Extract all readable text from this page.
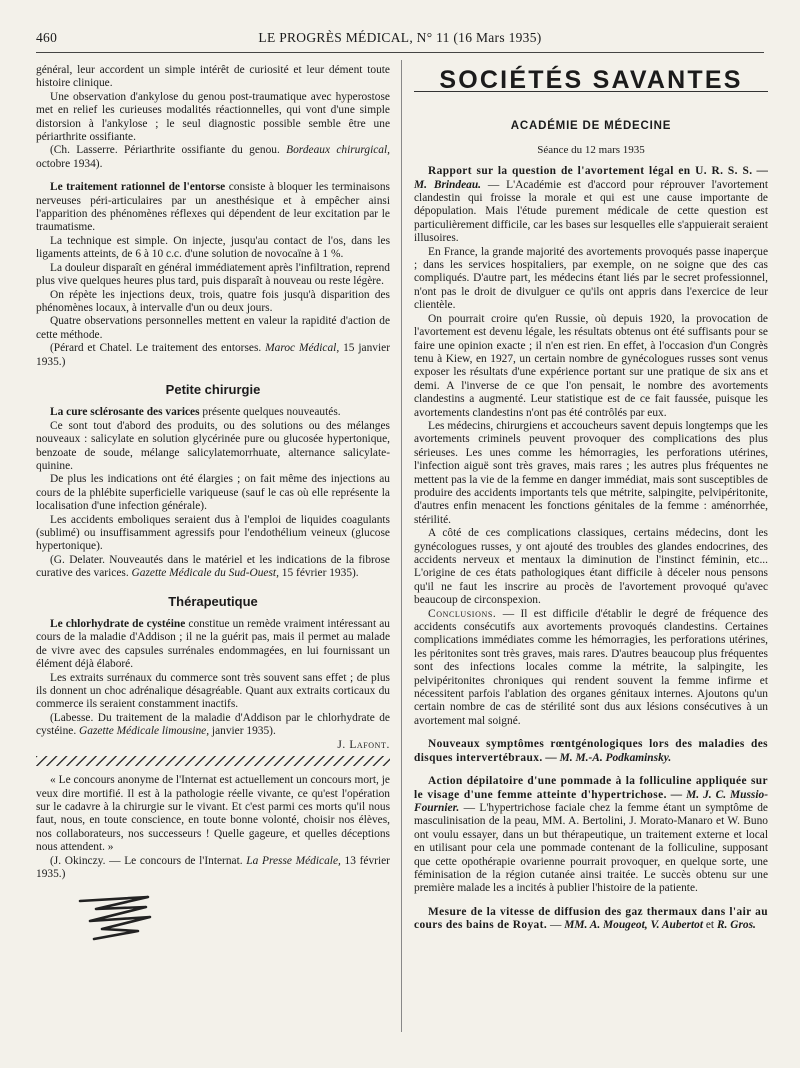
460	LE PROGRÈS MÉDICAL, N° 11 (16 Mars 1935)

général, leur accordent un simple intérêt de curiosité et leur dément toute histoire clinique.

Une observation d'ankylose du genou post-traumatique avec hyperostose met en relief les curieuses modalités réactionnelles, qui vont d'une simple distorsion à l'ankylose ; le seul diagnostic possible semble être une périarthrite ossifiante.

(Ch. Lasserre. Périarthrite ossifiante du genou. Bordeaux chirurgical, octobre 1934).

Le traitement rationnel de l'entorse consiste à bloquer les terminaisons nerveuses péri-articulaires par un anesthésique et à empêcher ainsi l'apparition des phénomènes réflexes qui dépendent de leur excitation par le traumatisme.

La technique est simple. On injecte, jusqu'au contact de l'os, dans les ligaments atteints, de 6 à 10 c.c. d'une solution de novocaïne à 1 %.

La douleur disparaît en général immédiatement après l'infiltration, reprend plus vive quelques heures plus tard, puis disparaît à nouveau ou reste légère.

On répète les injections deux, trois, quatre fois jusqu'à disparition des phénomènes locaux, à intervalle d'un ou deux jours.

Quatre observations personnelles mettent en valeur la rapidité d'action de cette méthode.

(Pérard et Chatel. Le traitement des entorses. Maroc Médical, 15 janvier 1935.)

Petite chirurgie

La cure sclérosante des varices présente quelques nouveautés.

Ce sont tout d'abord des produits, ou des solutions ou des mélanges nouveaux : salicylate en solution glycérinée pure ou glucosée hypertonique, benzoate de soude, mélange salicylatemorrhuate, alternance salicylate-quinine.

De plus les indications ont été élargies ; on fait même des injections au cours de la phlébite superficielle variqueuse (sauf le cas où elle représente la localisation d'une infection générale).

Les accidents emboliques seraient dus à l'emploi de liquides coagulants (sublimé) ou insuffisamment agressifs pour l'endothélium veineux (glucose hypertonique).

(G. Delater. Nouveautés dans le matériel et les indications de la fibrose curative des varices. Gazette Médicale du Sud-Ouest, 15 février 1935).

Thérapeutique

Le chlorhydrate de cystéine constitue un remède vraiment intéressant au cours de la maladie d'Addison ; il ne la guérit pas, mais il permet au malade de vivre avec des capsules surrénales endommagées, en lui fournissant un élément déjà élaboré.

Les extraits surrénaux du commerce sont très souvent sans effet ; de plus ils donnent un choc adrénalique désagréable. Quant aux extraits corticaux du commerce ils seraient constamment inactifs.

(Labesse. Du traitement de la maladie d'Addison par le chlorhydrate de cystéine. Gazette Médicale limousine, janvier 1935).

J. Lafont.

« Le concours anonyme de l'Internat est actuellement un concours mort, je veux dire mortifié. Il est à la pathologie réelle vivante, ce qu'est l'opération sur le cadavre à la chirurgie sur le vivant. Et c'est parmi ces morts qu'il nous faut, nous, en toute conscience, en toute bonne volonté, choisir nos élèves, nos collaborateurs, nos successeurs ! Quelle gageure, et quelles déceptions nous attendent. »

(J. Okinczy. — Le concours de l'Internat. La Presse Médicale, 13 février 1935.)

SOCIÉTÉS SAVANTES
ACADÉMIE DE MÉDECINE
Séance du 12 mars 1935

Rapport sur la question de l'avortement légal en U. R. S. S. — M. Brindeau. — L'Académie est d'accord pour réprouver l'avortement clandestin qui froisse la morale et qui est une cause importante de dépopulation. Mais l'étude purement médicale de cette question est particulièrement difficile, car les bases sur lesquelles elle s'appuierait seraient illusoires.

En France, la grande majorité des avortements provoqués passe inaperçue ; dans les services hospitaliers, par exemple, on ne soigne que des cas compliqués. D'autre part, les médecins étant liés par le secret professionnel, n'ont pas le droit de divulguer ce qu'ils ont appris dans l'exercice de leur clientèle.

On pourrait croire qu'en Russie, où depuis 1920, la provocation de l'avortement est devenu légale, les résultats obtenus ont été suffisants pour se faire une opinion exacte ; il n'en est rien. En effet, à l'occasion d'un Congrès tenu à Kiew, en 1927, un certain nombre de gynécologues russes sont venus exposer les résultats d'une expérience portant sur une pratique de six ans et demi. A l'inverse de ce que l'on pensait, le nombre des avortements clandestins a augmenté. Leur statistique est de ce fait faussée, puisque les avortements clandestins n'ont pas été contrôlés par eux.

Les médecins, chirurgiens et accoucheurs savent depuis longtemps que les avortements criminels peuvent provoquer des complications des plus sérieuses. Les unes comme les hémorragies, les perforations utérines, l'infection aiguë sont très graves, mais rares ; les autres plus fréquentes ne mettent pas la vie de la femme en danger immédiat, mais sont susceptibles de produire des accidents importants tels que métrite, salpingite, pelvipéritonite, d'autres enfin menacent les fonctions génitales de la femme : aménorrhée, stérilité.

A côté de ces complications classiques, certains médecins, dont les gynécologues russes, y ont ajouté des troubles des glandes endocrines, des accidents nerveux et mentaux la diminution de l'instinct féminin, etc... L'origine de ces états pathologiques étant difficile à déceler nous pensons qu'il ne faut les inscrire au procès de l'avortement provoqué qu'avec beaucoup de circonspexion.

Conclusions. — Il est difficile d'établir le degré de fréquence des accidents consécutifs aux avortements provoqués clandestins. Certaines complications immédiates comme les hémorragies, les perforations utérines, les péritonites sont très graves, mais rares. D'autres beaucoup plus fréquentes sont des infections locales comme la métrite, la salpingite, les pelvipéritonites chroniques qui rendent souvent la femme infirme et nécessitent parfois l'ablation des organes génitaux internes. Ajoutons qu'un certain nombre de cas de stérilité sont dus aux lésions consécutives à un avortement mal soigné.

Nouveaux symptômes rœntgénologiques lors des maladies des disques intervertébraux. — M. M.-A. Podkaminsky.

Action dépilatoire d'une pommade à la folliculine appliquée sur le visage d'une femme atteinte d'hypertrichose. — M. J. C. Mussio-Fournier. — L'hypertrichose faciale chez la femme étant un symptôme de masculinisation de la peau, MM. A. Bertolini, J. Morato-Manaro et W. Buno ont voulu essayer, dans un but thérapeutique, un traitement externe et local en utilisant pour cela une pommade contenant de la folliculine, supposant que cette opothérapie ovarienne pourrait provoquer, en quelque sorte, une féminisation de la région cutanée ainsi traitée. Le succès obtenu sur une première malade les a incités à publier l'histoire de la patiente.

Mesure de la vitesse de diffusion des gaz thermaux dans l'air au cours des bains de Royat. — MM. A. Mougeot, V. Aubertot et R. Gros.
